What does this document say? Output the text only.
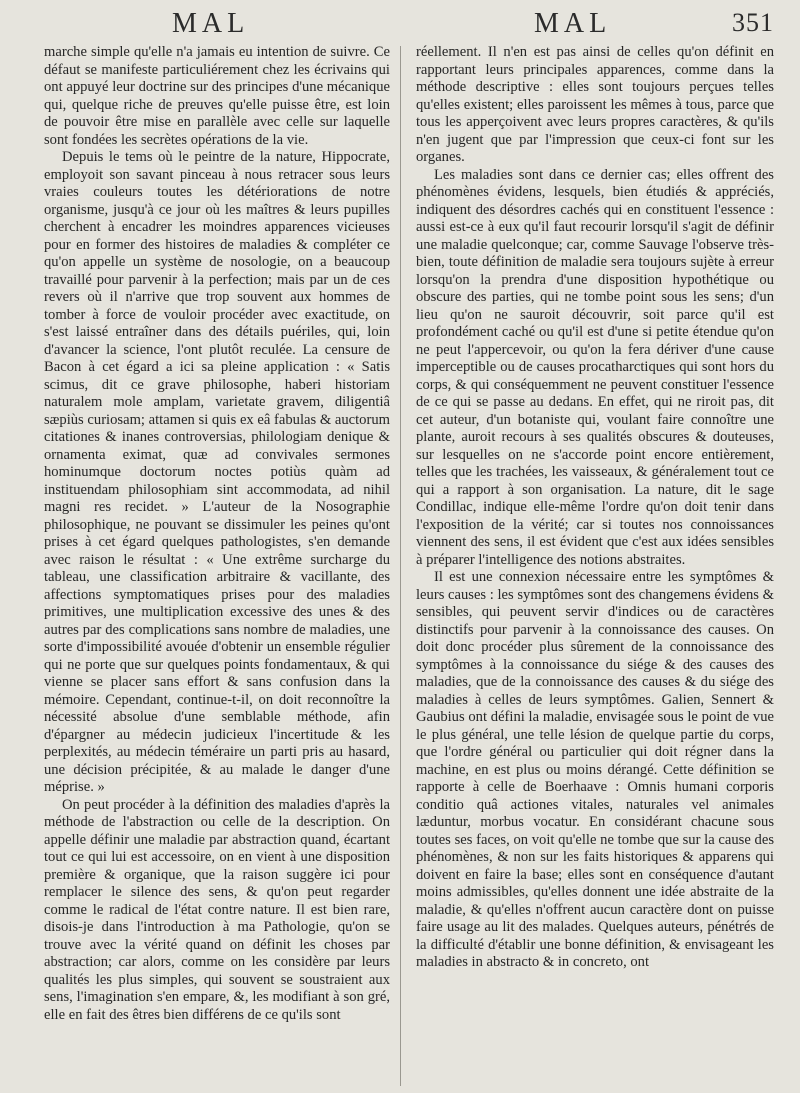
MAL	MAL	351

marche simple qu'elle n'a jamais eu intention de suivre. Ce défaut se manifeste particuliérement chez les écrivains qui ont appuyé leur doctrine sur des principes d'une mécanique qui, quelque riche de preuves qu'elle puisse être, est loin de pouvoir être mise en parallèle avec celle sur laquelle sont fondées les secrètes opérations de la vie.

Depuis le tems où le peintre de la nature, Hippocrate, employoit son savant pinceau à nous retracer sous leurs vraies couleurs toutes les détériorations de notre organisme, jusqu'à ce jour où les maîtres & leurs pupilles cherchent à encadrer les moindres apparences vicieuses pour en former des histoires de maladies & compléter ce qu'on appelle un système de nosologie, on a beaucoup travaillé pour parvenir à la perfection; mais par un de ces revers où il n'arrive que trop souvent aux hommes de tomber à force de vouloir procéder avec exactitude, on s'est laissé entraîner dans des détails puériles, qui, loin d'avancer la science, l'ont plutôt reculée. La censure de Bacon à cet égard a ici sa pleine application : « Satis scimus, dit ce grave philosophe, haberi historiam naturalem mole amplam, varietate gravem, diligentiâ sæpiùs curiosam; attamen si quis ex eâ fabulas & auctorum citationes & inanes controversias, philologiam denique & ornamenta eximat, quæ ad convivales sermones hominumque doctorum noctes potiùs quàm ad instituendam philosophiam sint accommodata, ad nihil magni res recidet. » L'auteur de la Nosographie philosophique, ne pouvant se dissimuler les peines qu'ont prises à cet égard quelques pathologistes, s'en demande avec raison le résultat : « Une extrême surcharge du tableau, une classification arbitraire & vacillante, des affections symptomatiques prises pour des maladies primitives, une multiplication excessive des unes & des autres par des complications sans nombre de maladies, une sorte d'impossibilité avouée d'obtenir un ensemble régulier qui ne porte que sur quelques points fondamentaux, & qui vienne se placer sans effort & sans confusion dans la mémoire. Cependant, continue-t-il, on doit reconnoître la nécessité absolue d'une semblable méthode, afin d'épargner au médecin judicieux l'incertitude & les perplexités, au médecin téméraire un parti pris au hasard, une décision précipitée, & au malade le danger d'une méprise. »

On peut procéder à la définition des maladies d'après la méthode de l'abstraction ou celle de la description. On appelle définir une maladie par abstraction quand, écartant tout ce qui lui est accessoire, on en vient à une disposition première & organique, que la raison suggère ici pour remplacer le silence des sens, & qu'on peut regarder comme le radical de l'état contre nature. Il est bien rare, disois-je dans l'introduction à ma Pathologie, qu'on se trouve avec la vérité quand on définit les choses par abstraction; car alors, comme on les considère par leurs qualités les plus simples, qui souvent se soustraient aux sens, l'imagination s'en empare, &, les modifiant à son gré, elle en fait des êtres bien différens de ce qu'ils sont

réellement. Il n'en est pas ainsi de celles qu'on définit en rapportant leurs principales apparences, comme dans la méthode descriptive : elles sont toujours perçues telles qu'elles existent; elles paroissent les mêmes à tous, parce que tous les apperçoivent avec leurs propres caractères, & qu'ils n'en jugent que par l'impression que ceux-ci font sur les organes.

Les maladies sont dans ce dernier cas; elles offrent des phénomènes évidens, lesquels, bien étudiés & appréciés, indiquent des désordres cachés qui en constituent l'essence : aussi est-ce à eux qu'il faut recourir lorsqu'il s'agit de définir une maladie quelconque; car, comme Sauvage l'observe très-bien, toute définition de maladie sera toujours sujète à erreur lorsqu'on la prendra d'une disposition hypothétique ou obscure des parties, qui ne tombe point sous les sens; d'un lieu qu'on ne sauroit découvrir, soit parce qu'il est profondément caché ou qu'il est d'une si petite étendue qu'on ne peut l'appercevoir, ou qu'on la fera dériver d'une cause imperceptible ou de causes procatharctiques qui sont hors du corps, & qui conséquemment ne peuvent constituer l'essence de ce qui se passe au dedans. En effet, qui ne riroit pas, dit cet auteur, d'un botaniste qui, voulant faire connoître une plante, auroit recours à ses qualités obscures & douteuses, sur lesquelles on ne s'accorde point encore entièrement, telles que les trachées, les vaisseaux, & généralement tout ce qui a rapport à son organisation. La nature, dit le sage Condillac, indique elle-même l'ordre qu'on doit tenir dans l'exposition de la vérité; car si toutes nos connoissances viennent des sens, il est évident que c'est aux idées sensibles à préparer l'intelligence des notions abstraites.

Il est une connexion nécessaire entre les symptômes & leurs causes : les symptômes sont des changemens évidens & sensibles, qui peuvent servir d'indices ou de caractères distinctifs pour parvenir à la connoissance des causes. On doit donc procéder plus sûrement de la connoissance des symptômes à la connoissance du siége & des causes des maladies, que de la connoissance des causes & du siége des maladies à celles de leurs symptômes. Galien, Sennert & Gaubius ont défini la maladie, envisagée sous le point de vue le plus général, une telle lésion de quelque partie du corps, que l'ordre général ou particulier qui doit régner dans la machine, en est plus ou moins dérangé. Cette définition se rapporte à celle de Boerhaave : Omnis humani corporis conditio quâ actiones vitales, naturales vel animales læduntur, morbus vocatur. En considérant chacune sous toutes ses faces, on voit qu'elle ne tombe que sur la cause des phénomènes, & non sur les faits historiques & apparens qui doivent en faire la base; elles sont en conséquence d'autant moins admissibles, qu'elles donnent une idée abstraite de la maladie, & qu'elles n'offrent aucun caractère dont on puisse faire usage au lit des malades. Quelques auteurs, pénétrés de la difficulté d'établir une bonne définition, & envisageant les maladies in abstracto & in concreto, ont
